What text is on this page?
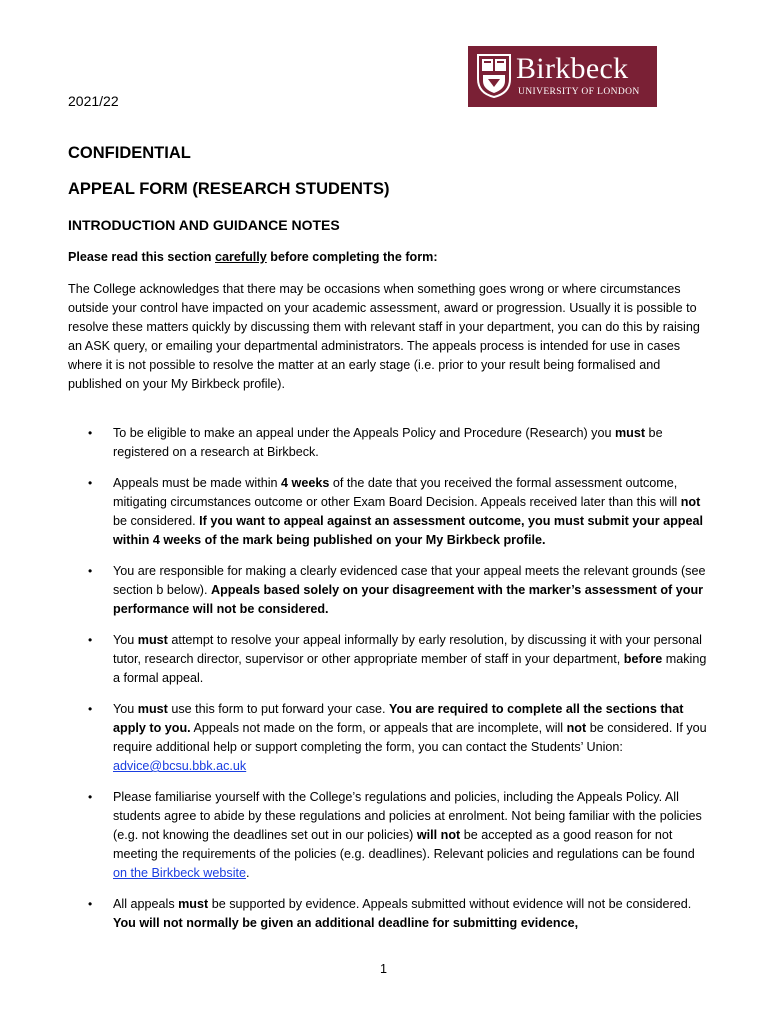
2021/22
Birkbeck
UNIVERSITY OF LONDON
CONFIDENTIAL
APPEAL FORM (RESEARCH STUDENTS)
INTRODUCTION AND GUIDANCE NOTES
Please read this section carefully before completing the form:

The College acknowledges that there may be occasions when something goes wrong or where circumstances outside your control have impacted on your academic assessment, award or progression. Usually it is possible to resolve these matters quickly by discussing them with relevant staff in your department, you can do this by raising an ASK query, or emailing your departmental administrators. The appeals process is intended for use in cases where it is not possible to resolve the matter at an early stage (i.e. prior to your result being formalised and published on your My Birkbeck profile).

• To be eligible to make an appeal under the Appeals Policy and Procedure (Research) you must be registered on a research at Birkbeck.
• Appeals must be made within 4 weeks of the date that you received the formal assessment outcome, mitigating circumstances outcome or other Exam Board Decision. Appeals received later than this will not be considered. If you want to appeal against an assessment outcome, you must submit your appeal within 4 weeks of the mark being published on your My Birkbeck profile.
• You are responsible for making a clearly evidenced case that your appeal meets the relevant grounds (see section b below). Appeals based solely on your disagreement with the marker’s assessment of your performance will not be considered.
• You must attempt to resolve your appeal informally by early resolution, by discussing it with your personal tutor, research director, supervisor or other appropriate member of staff in your department, before making a formal appeal.
• You must use this form to put forward your case. You are required to complete all the sections that apply to you. Appeals not made on the form, or appeals that are incomplete, will not be considered. If you require additional help or support completing the form, you can contact the Students’ Union: advice@bcsu.bbk.ac.uk
• Please familiarise yourself with the College’s regulations and policies, including the Appeals Policy. All students agree to abide by these regulations and policies at enrolment. Not being familiar with the policies (e.g. not knowing the deadlines set out in our policies) will not be accepted as a good reason for not meeting the requirements of the policies (e.g. deadlines). Relevant policies and regulations can be found on the Birkbeck website.
• All appeals must be supported by evidence. Appeals submitted without evidence will not be considered. You will not normally be given an additional deadline for submitting evidence,
1
